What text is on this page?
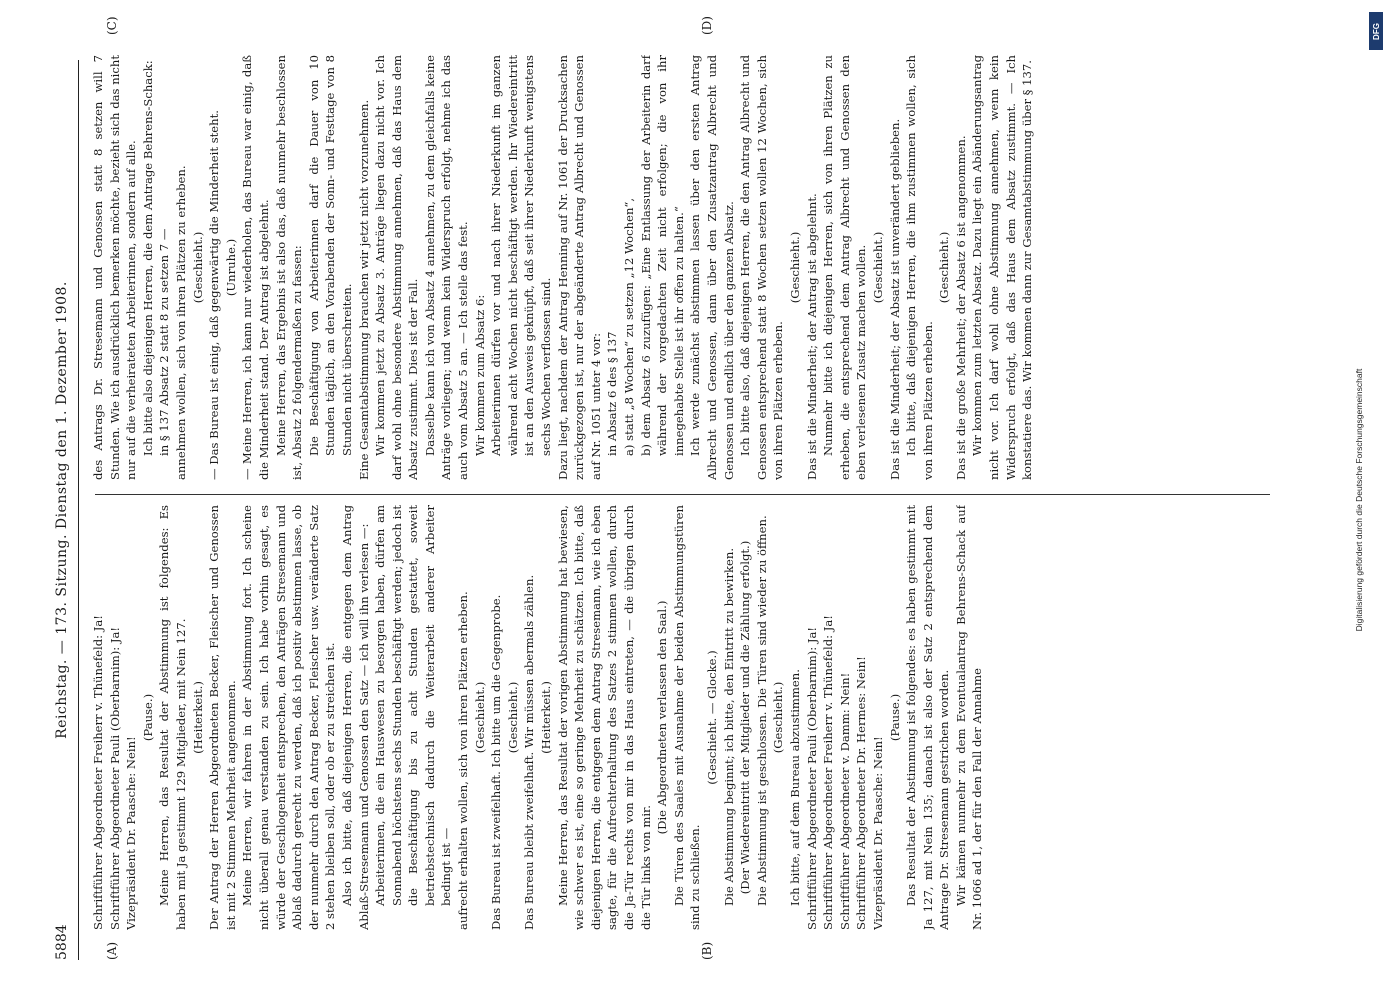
5884
Reichstag. — 173. Sitzung. Dienstag den 1. Dezember 1908.
(A)	(B)
(C)	(D)

Schriftführer Abgeordneter Freiherr v. Thünefeld: Ja! Schriftführer Abgeordneter Pauli (Oberbarnim): Ja! Vizepräsident Dr. Paasche: Nein!

(Pause.) Meine Herren, das Resultat der Abstimmung ist folgendes: Es haben mit Ja gestimmt 129 Mitglieder, mit Nein 127. (Heiterkeit.) Der Antrag der Herren Abgeordneten Becker, Fleischer und Genossen ist mit 2 Stimmen Mehrheit angenommen. Meine Herren, wir fahren in der Abstimmung fort. Ich scheine nicht überall genau verstanden zu sein. Ich habe vorhin gesagt, es würde der Geschlogenheit entsprechen, den Anträgen Stresemann und Ablaß dadurch gerecht zu werden, daß ich positiv abstimmen lasse, ob der nunmehr durch den Antrag Becker, Fleischer usw. veränderte Satz 2 stehen bleiben soll, oder ob er zu streichen ist. Also ich bitte, daß diejenigen Herren, die entgegen dem Antrag Ablaß-Stresemann und Genossen den Satz — ich will ihn verlesen —: Arbeiterinnen, die ein Hauswesen zu besorgen haben, dürfen am Sonnabend höchstens sechs Stunden beschäftigt werden; jedoch ist die Beschäftigung bis zu acht Stunden gestattet, soweit betriebstechnisch dadurch die Weiterarbeit anderer Arbeiter bedingt ist — aufrecht erhalten wollen, sich von ihren Plätzen erheben. (Geschieht.) Das Bureau ist zweifelhaft. Ich bitte um die Gegenprobe. (Geschieht.) Das Bureau bleibt zweifelhaft. Wir müssen abermals zählen. (Heiterkeit.) Meine Herren, das Resultat der vorigen Abstimmung hat bewiesen, wie schwer es ist, eine so geringe Mehrheit zu schätzen. Ich bitte, daß diejenigen Herren, die entgegen dem Antrag Stresemann, wie ich eben sagte, für die Aufrechterhaltung des Satzes 2 stimmen wollen, durch die Ja-Tür rechts von mir in das Haus eintreten, — die übrigen durch die Tür links von mir.

(Die Abgeordneten verlassen den Saal.) Die Türen des Saales mit Ausnahme der beiden Abstimmungstüren sind zu schließen.

(Geschieht. — Glocke.) Die Abstimmung beginnt; ich bitte, den Eintritt zu bewirken. (Der Wiedereintritt der Mitglieder und die Zählung erfolgt.) Die Abstimmung ist geschlossen. Die Türen sind wieder zu öffnen. (Geschieht.) Ich bitte, auf dem Bureau abzustimmen. Schriftführer Abgeordneter Pauli (Oberbarnim): Ja! Schriftführer Abgeordneter Freiherr v. Thünefeld: Ja! Schriftführer Abgeordneter v. Damm: Nein! Schriftführer Abgeordneter Dr. Hermes: Nein! Vizepräsident Dr. Paasche: Nein!

(Pause.) Das Resultat der Abstimmung ist folgendes: es haben gestimmt mit Ja 127, mit Nein 135; danach ist also der Satz 2 entsprechend dem Antrage Dr. Stresemann gestrichen worden. Wir kämen nunmehr zu dem Eventualantrag Behrens-Schack auf Nr. 1066 ad 1, der für den Fall der Annahme

des Antrags Dr. Stresemann und Genossen statt 8 setzen will 7 Stunden. Wie ich ausdrücklich bemerken möchte, bezieht sich das nicht nur auf die verheirateten Arbeiterinnen, sondern auf alle. Ich bitte also diejenigen Herren, die dem Antrage Behrens-Schack: in § 137 Absatz 2 statt 8 zu setzen 7 — annehmen wollen, sich von ihren Plätzen zu erheben. (Geschieht.) — Das Bureau ist einig, daß gegenwärtig die Minderheit steht. (Unruhe.) — Meine Herren, ich kann nur wiederholen, das Bureau war einig, daß die Minderheit stand. Der Antrag ist abgelehnt. Meine Herren, das Ergebnis ist also das, daß nunmehr beschlossen ist, Absatz 2 folgendermaßen zu fassen: Die Beschäftigung von Arbeiterinnen darf die Dauer von 10 Stunden täglich, an den Vorabenden der Sonn- und Festtage von 8 Stunden nicht überschreiten. Eine Gesamtabstimmung brauchen wir jetzt nicht vorzunehmen. Wir kommen jetzt zu Absatz 3. Anträge liegen dazu nicht vor. Ich darf wohl ohne besondere Abstimmung annehmen, daß das Haus dem Absatz zustimmt. Dies ist der Fall. Dasselbe kann ich von Absatz 4 annehmen, zu dem gleichfalls keine Anträge vorliegen; und wenn kein Widerspruch erfolgt, nehme ich das auch vom Absatz 5 an. — Ich stelle das fest. Wir kommen zum Absatz 6: Arbeiterinnen dürfen vor und nach ihrer Niederkunft im ganzen während acht Wochen nicht beschäftigt werden. Ihr Wiedereintritt ist an den Ausweis geknüpft, daß seit ihrer Niederkunft wenigstens sechs Wochen verflossen sind. Dazu liegt, nachdem der Antrag Henning auf Nr. 1061 der Drucksachen zurückgezogen ist, nur der abgeänderte Antrag Albrecht und Genossen auf Nr. 1051 unter 4 vor: in Absatz 6 des § 137 a) statt „8 Wochen“ zu setzen „12 Wochen“, b) dem Absatz 6 zuzufügen: „Eine Entlassung der Arbeiterin darf während der vorgedachten Zeit nicht erfolgen; die von ihr innegehabte Stelle ist ihr offen zu halten.“ Ich werde zunächst abstimmen lassen über den ersten Antrag Albrecht und Genossen, dann über den Zusatzantrag Albrecht und Genossen und endlich über den ganzen Absatz. Ich bitte also, daß diejenigen Herren, die den Antrag Albrecht und Genossen entsprechend statt 8 Wochen setzen wollen 12 Wochen, sich von ihren Plätzen erheben.

(Geschieht.) Das ist die Minderheit; der Antrag ist abgelehnt. Nunmehr bitte ich diejenigen Herren, sich von ihren Plätzen zu erheben, die entsprechend dem Antrag Albrecht und Genossen den eben verlesenen Zusatz machen wollen. (Geschieht.) Das ist die Minderheit; der Absatz ist unverändert geblieben. Ich bitte, daß diejenigen Herren, die ihm zustimmen wollen, sich von ihren Plätzen erheben.

(Geschieht.) Das ist die große Mehrheit; der Absatz 6 ist angenommen. Wir kommen zum letzten Absatz. Dazu liegt ein Abänderungsantrag nicht vor. Ich darf wohl ohne Abstimmung annehmen, wenn kein Widerspruch erfolgt, daß das Haus dem Absatz zustimmt. — Ich konstatiere das. Wir kommen dann zur Gesamtabstimmung über § 137.

Digitalisierung gefördert durch die Deutsche Forschungsgemeinschaft
DFG
